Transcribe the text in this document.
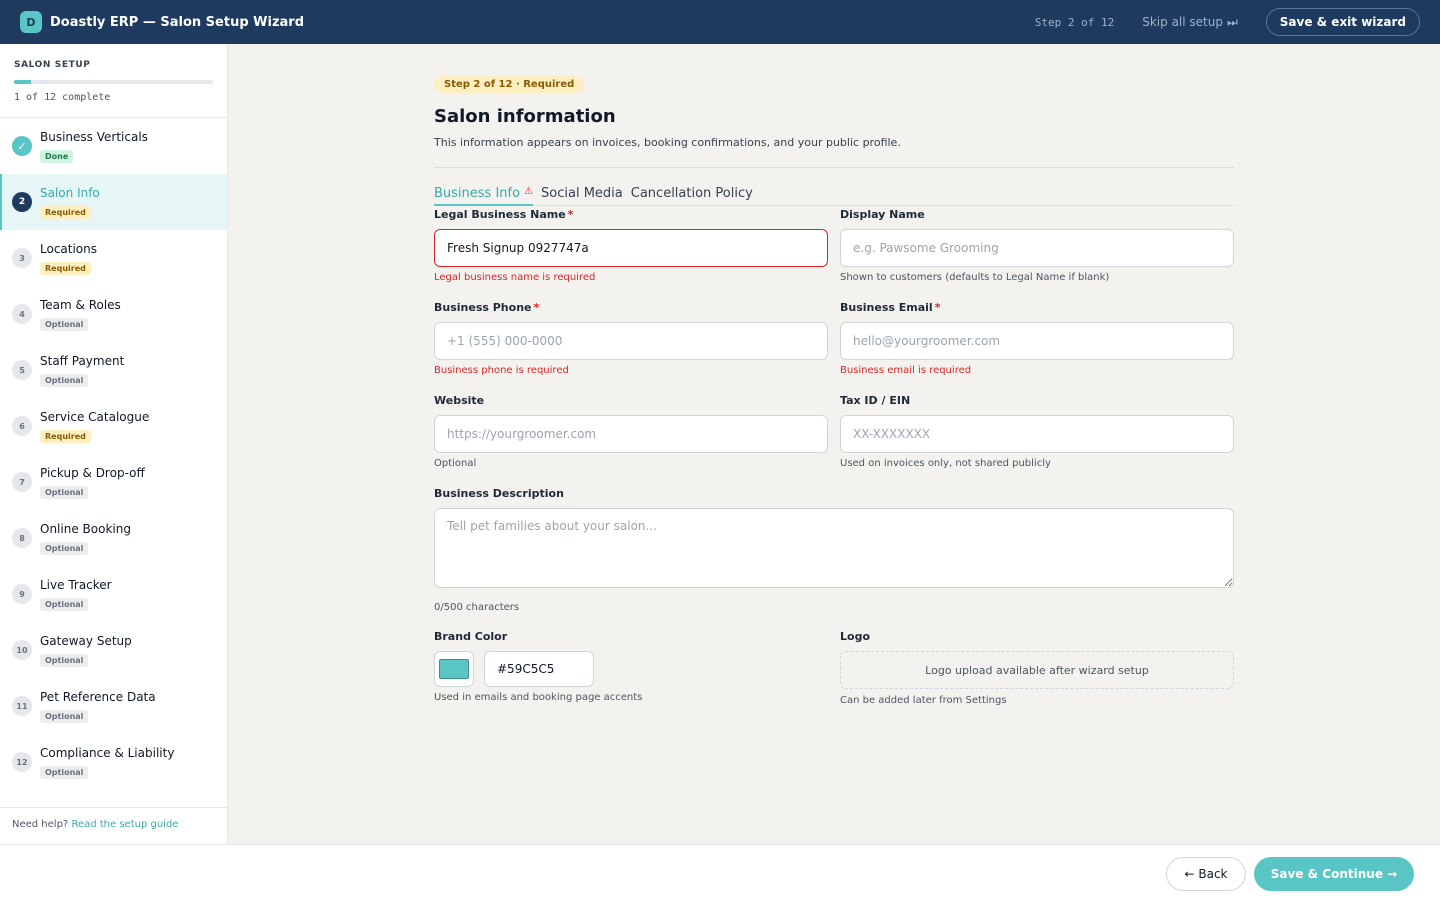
D	Doastly ERP — Salon Setup Wizard	Step 2 of 12 Skip all setup ⏭	Save & exit wizard
SALON SETUP
1 of 12 complete
✓
Business Verticals
Done
2
Salon Info
Required
3
Locations
Required
4
Team & Roles
Optional
5
Staff Payment
Optional
6
Service Catalogue
Required
7
Pickup & Drop-off
Optional
8
Online Booking
Optional
9
Live Tracker
Optional
10
Gateway Setup
Optional
11
Pet Reference Data
Optional
12
Compliance & Liability
Optional
Need help? Read the setup guide
Step 2 of 12 · Required
Salon information

This information appears on invoices, booking confirmations, and your public profile.

Business Info ⚠ Social Media Cancellation Policy
Legal Business Name *
Fresh Signup 0927747a
Legal business name is required
Display Name
e.g. Pawsome Grooming
Shown to customers (defaults to Legal Name if blank)
Business Phone *
+1 (555) 000-0000
Business phone is required
Business Email *
hello@yourgroomer.com
Business email is required
Website
https://yourgroomer.com
Optional
Tax ID / EIN
XX-XXXXXXX
Used on invoices only, not shared publicly
Business Description
Tell pet families about your salon...
0/500 characters
Brand Color
#59C5C5
Used in emails and booking page accents
Logo
Logo upload available after wizard setup
Can be added later from Settings
← Back	Save & Continue →
